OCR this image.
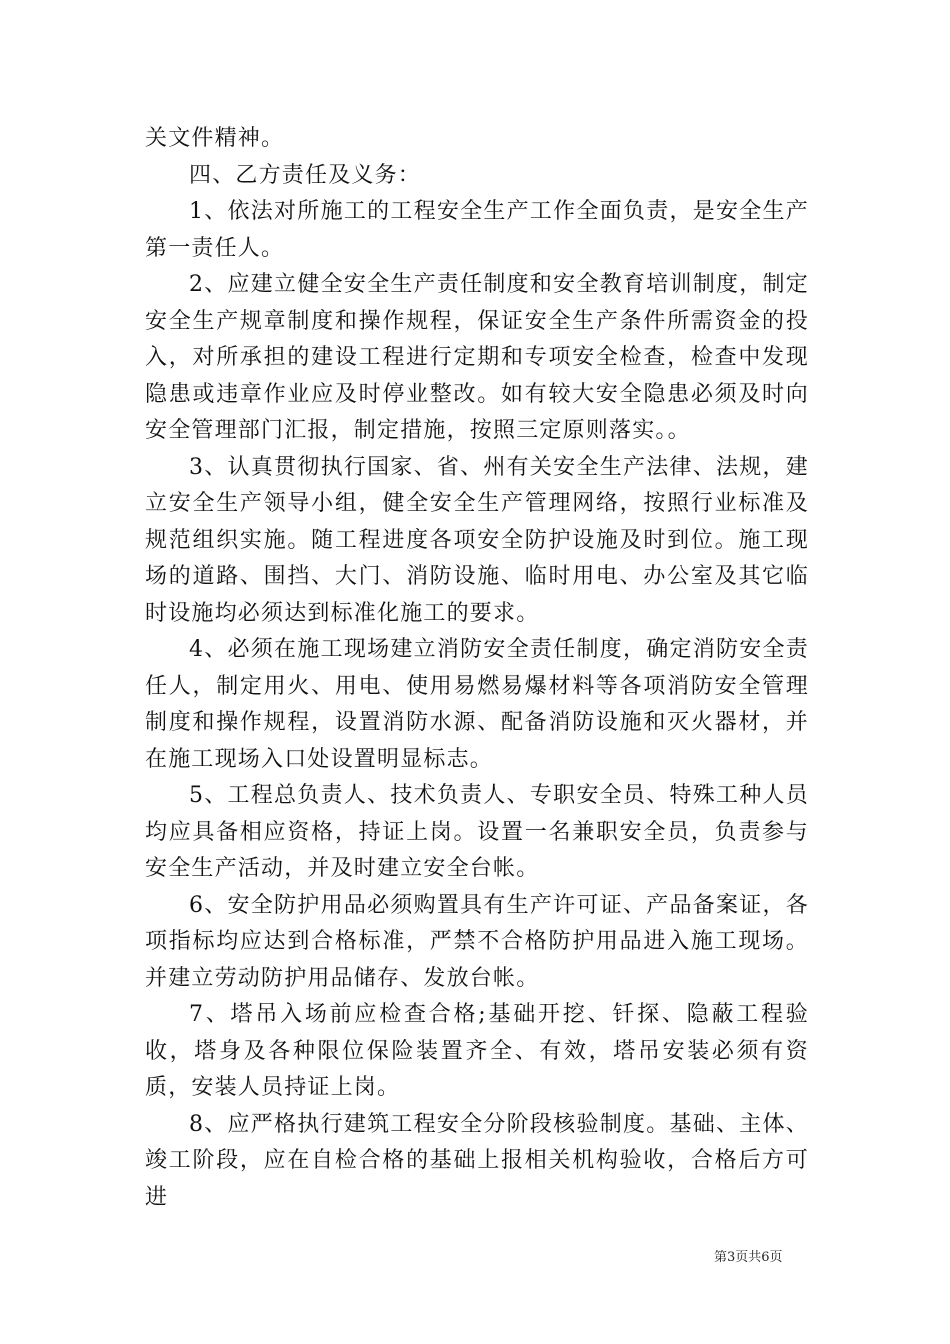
关文件精神。

四、乙方责任及义务：

1、依法对所施工的工程安全生产工作全面负责，是安全生产第一责任人。

2、应建立健全安全生产责任制度和安全教育培训制度，制定安全生产规章制度和操作规程，保证安全生产条件所需资金的投入，对所承担的建设工程进行定期和专项安全检查，检查中发现隐患或违章作业应及时停业整改。如有较大安全隐患必须及时向安全管理部门汇报，制定措施，按照三定原则落实。。

3、认真贯彻执行国家、省、州有关安全生产法律、法规，建立安全生产领导小组，健全安全生产管理网络，按照行业标准及规范组织实施。随工程进度各项安全防护设施及时到位。施工现场的道路、围挡、大门、消防设施、临时用电、办公室及其它临时设施均必须达到标准化施工的要求。

4、必须在施工现场建立消防安全责任制度，确定消防安全责任人，制定用火、用电、使用易燃易爆材料等各项消防安全管理制度和操作规程，设置消防水源、配备消防设施和灭火器材，并在施工现场入口处设置明显标志。

5、工程总负责人、技术负责人、专职安全员、特殊工种人员均应具备相应资格，持证上岗。设置一名兼职安全员，负责参与安全生产活动，并及时建立安全台帐。

6、安全防护用品必须购置具有生产许可证、产品备案证，各项指标均应达到合格标准，严禁不合格防护用品进入施工现场。并建立劳动防护用品储存、发放台帐。

7、塔吊入场前应检查合格;基础开挖、钎探、隐蔽工程验收，塔身及各种限位保险装置齐全、有效，塔吊安装必须有资质，安装人员持证上岗。

8、应严格执行建筑工程安全分阶段核验制度。基础、主体、竣工阶段，应在自检合格的基础上报相关机构验收，合格后方可进

第3页共6页
